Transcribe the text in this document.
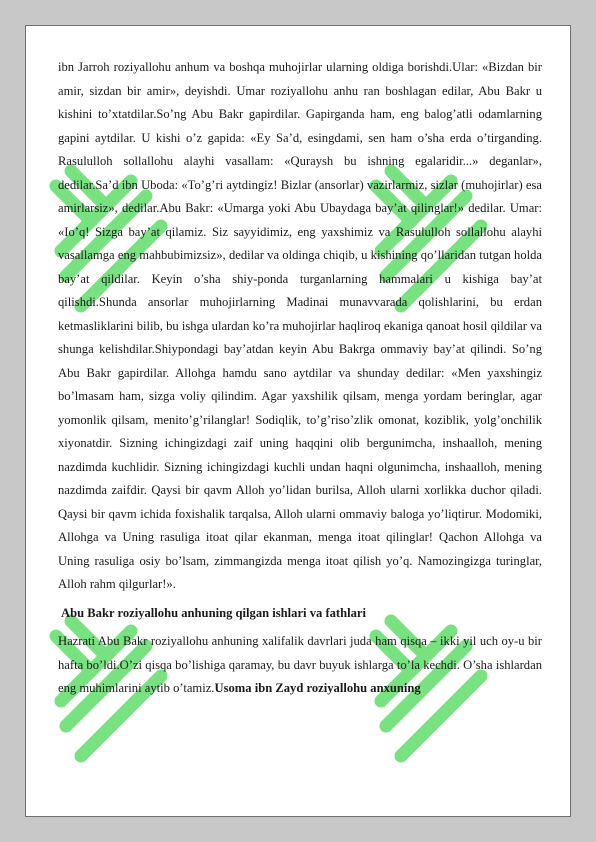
ibn Jarroh roziyallohu anhum va boshqa muhojirlar ularning oldiga borishdi.Ular: «Bizdan bir amir, sizdan bir amir», deyishdi. Umar roziyallohu anhu ran boshlagan edilar, Abu Bakr u kishini to’xtatdilar.So’ng Abu Bakr gapirdilar. Gapirganda ham, eng balog’atli odamlarning gapini aytdilar. U kishi o’z gapida: «Ey Sa’d, esingdami, sen ham o’sha erda o’tirganding. Rasululloh sollallohu alayhi vasallam: «Quraysh bu ishning egalaridir...» deganlar», dedilar.Sa’d ibn Uboda: «To’g’ri aytdingiz! Bizlar (ansorlar) vazirlarmiz, sizlar (muhojirlar) esa amirlarsiz», dedilar.Abu Bakr: «Umarga yoki Abu Ubaydaga bay’at qilinglar!» dedilar. Umar: «Io’q! Sizga bay’at qilamiz. Siz sayyidimiz, eng yaxshimiz va Rasululloh sollallohu alayhi vasallamga eng mahbubimizsiz», dedilar va oldinga chiqib, u kishining qo’llaridan tutgan holda bay’at qildilar. Keyin o’sha shiy-ponda turganlarning hammalari u kishiga bay’at qilishdi.Shunda ansorlar muhojirlarning Madinai munavvarada qolishlarini, bu erdan ketmasliklarini bilib, bu ishga ulardan ko’ra muhojirlar haqliroq ekaniga qanoat hosil qildilar va shunga kelishdilar.Shiypondagi bay’atdan keyin Abu Bakrga ommaviy bay’at qilindi. So’ng Abu Bakr gapirdilar. Allohga hamdu sano aytdilar va shunday dedilar: «Men yaxshingiz bo’lmasam ham, sizga voliy qilindim. Agar yaxshilik qilsam, menga yordam beringlar, agar yomonlik qilsam, menito’g’rilanglar! Sodiqlik, to’g’riso’zlik omonat, koziblik, yolg’onchilik xiyonatdir. Sizning ichingizdagi zaif uning haqqini olib bergunimcha, inshaalloh, mening nazdimda kuchlidir. Sizning ichingizdagi kuchli undan haqni olgunimcha, inshaalloh, mening nazdimda zaifdir. Qaysi bir qavm Alloh yo’lidan burilsa, Alloh ularni xorlikka duchor qiladi. Qaysi bir qavm ichida foxishalik tarqalsa, Alloh ularni ommaviy baloga yo’liqtirur. Modomiki, Allohga va Uning rasuliga itoat qilar ekanman, menga itoat qilinglar! Qachon Allohga va Uning rasuliga osiy bo’lsam, zimmangizda menga itoat qilish yo’q. Namozingizga turinglar, Alloh rahm qilgurlar!».

Abu Bakr roziyallohu anhuning qilgan ishlari va fathlari

Hazrati Abu Bakr roziyallohu anhuning xalifalik davrlari juda ham qisqa – ikki yil uch oy-u bir hafta bo’ldi.O’zi qisqa bo’lishiga qaramay, bu davr buyuk ishlarga to’la kechdi. O’sha ishlardan eng muhimlarini aytib o’tamiz.Usoma ibn Zayd roziyallohu anxuning
